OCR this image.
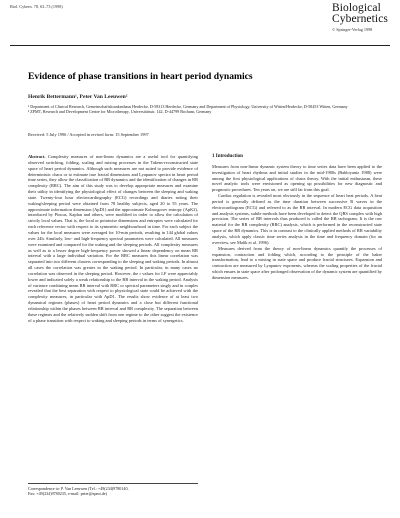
Biol. Cybern. 78, 63–73 (1998)	Biological
Cybernetics
© Springer-Verlag 1998
Evidence of phase transitions in heart period dynamics
Henrik Bettermann¹, Peter Van Leeuwen²
¹ Department of Clinical Research, Gemeinschaftskrankenhaus Herdecke, D-58313 Herdecke, Germany and Department of Physiology, University of Witten/Herdecke, D-58453 Witten, Germany
² ZPMT, Research and Development Centre for Microtherapy, Universitätsstr. 142, D-44799 Bochum, Germany
Received: 5 July 1996 / Accepted in revised form: 15 September 1997

Abstract. Complexity measures of non-linear dynamics are a useful tool for quantifying observed switching, folding, scaling and mixing processes in the Takens-reconstructed state space of heart period dynamics. Although such measures are not suited to provide evidence of deterministic chaos or to estimate true fractal dimensions and Lyapunov spectra in heart period time series, they allow the classification of RR dynamics and the identification of changes in RR complexity (RRC). The aim of this study was to develop appropriate measures and examine their utility in identifying the physiological effect of changes between the sleeping and waking state. Twenty-four hour electrocardiography (ECG) recordings and diaries noting their waking/sleeping period were obtained from 78 healthy subjects, aged 20 to 55 years. The approximate information dimension (ApD1) and the approximate Kolmogorov entropy (ApK2), introduced by Pincus, Kaplan and others, were modified in order to allow the calculation of strictly local values. That is, the local or pointwise dimensions and entropies were calculated for each reference vector with respect to its symmetric neighbourhood in time. For each subject the values for the local measures were averaged for 10-min periods, resulting in 144 global values over 24h. Similarly, low- and high-frequency spectral parameters were calculated. All measures were examined and compared for the waking and the sleeping periods. All complexity measures as well as to a lesser degree high-frequency power showed a linear dependency on mean RR interval with a large individual variation. For the RRC measures this linear correlation was separated into two different clusters corresponding to the sleeping and waking periods. In almost all cases the correlation was greater in the waking period. In particular, in many cases no correlation was observed in the sleeping period. However, the r values for LF were appreciably lower and indicated solely a weak relationship to the RR interval in the waking period. Analysis of variance combining mean RR interval with RRC or spectral parameters singly and in couples revealed that the best separation with respect to physiological state could be achieved with the complexity measures, in particular with ApD1. The results show evidence of at least two dynamical regimes (phases) of heart period dynamics and a close but different functional relationship within the phases between RR interval and RR complexity. The separation between these regimes and the relatively sudden shift from one regime to the other suggest the existence of a phase transition with respect to waking and sleeping periods in terms of synergetics.

1 Introduction

Measures from non-linear dynamic system theory to time series data have been applied to the investigation of heart rhythms and initial studies in the mid-1980s (Babloyantz 1988) were among the first physiological applications of chaos theory. With the initial enthusiasm, these novel analytic tools were envisioned as opening up possibilities for new diagnostic and prognostic procedures. Ten years on, we are still far from this goal.

Cardiac regulation is revealed most obviously in the sequence of heart beat periods. A beat period is generally defined as the time duration between successive R waves in the electrocardiogram (ECG) and referred to as the RR interval. In modern ECG data acquisition and analysis systems, subtle methods have been developed to detect the QRS complex with high precision. The series of RR intervals thus produced is called the RR tachogram. It is the raw material for the RR complexity (RRC) analysis, which is performed in the reconstructed state space of the RR dynamics. This is in contrast to the clinically applied methods of RR variability analysis, which apply classic time series analysis in the time and frequency domain (for an overview, see Malik et al. 1996).

Measures derived from the theory of non-linear dynamics quantify the processes of expansion, contraction and folding which, according to the principle of the baker transformation, lead to a mixing in state space and produce fractal structures. Expansion and contraction are measured by Lyapunov exponents, whereas the scaling properties of the fractal which ensues in state space after prolonged observation of the dynamic system are quantified by dimension measures.

Correspondence to: P. Van Leeuwen (Tel.: +49(234)9780140,
Fax: +49(234)9780235, e-mail: peter@zpmt.de)
